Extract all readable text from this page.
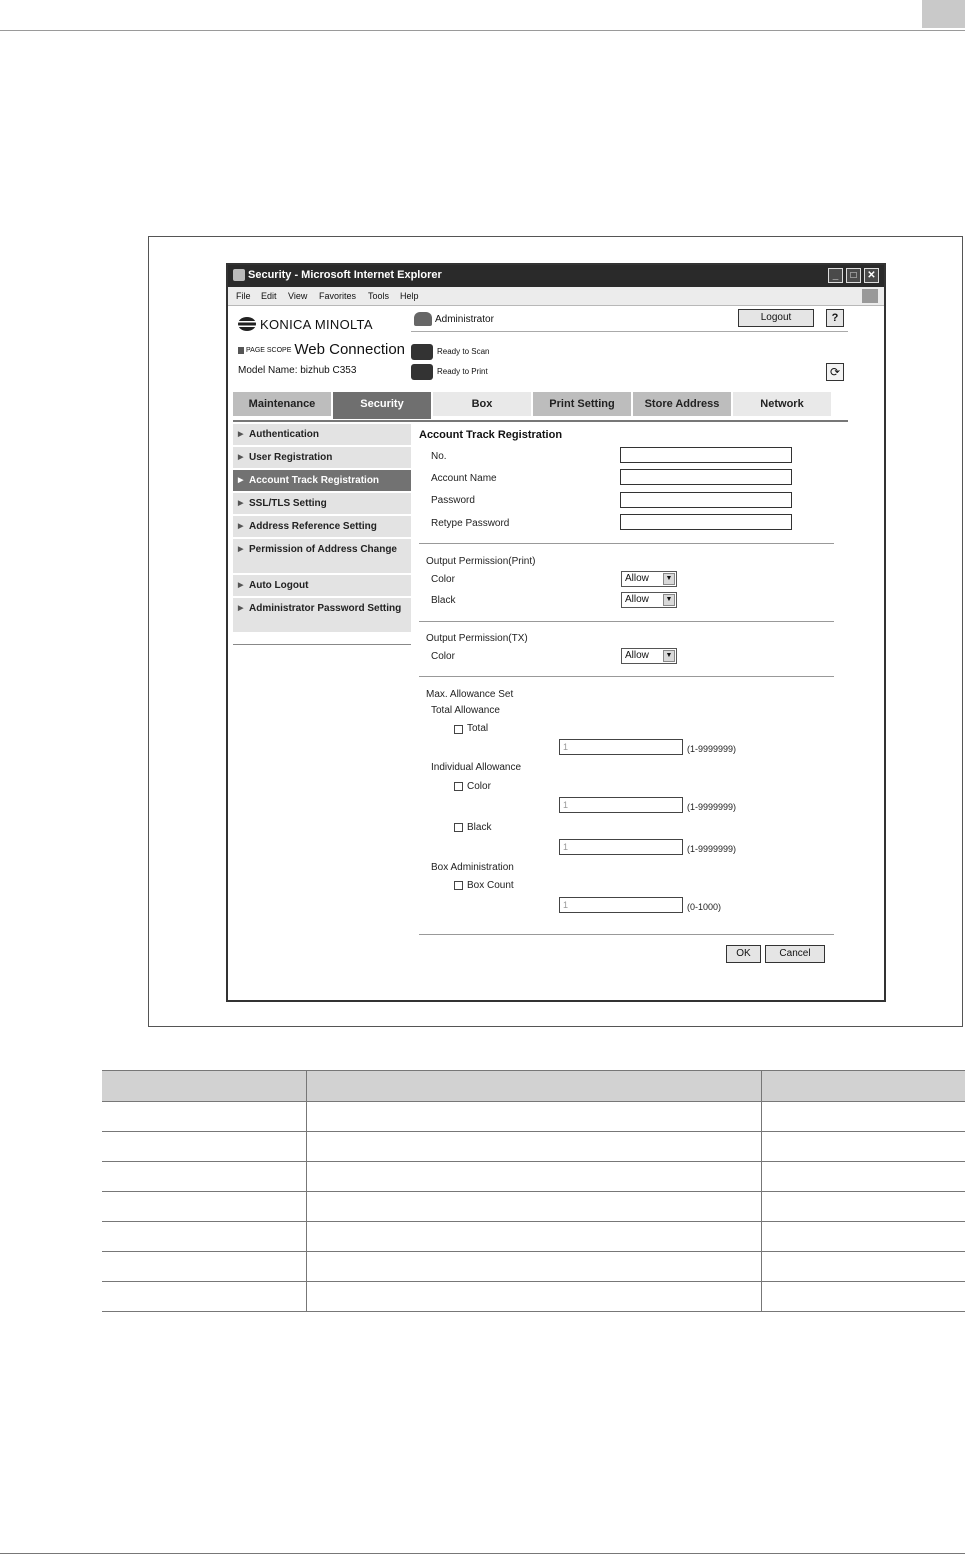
Security - Microsoft Internet Explorer	_	□	✕
File Edit View Favorites Tools Help
KONICA MINOLTA
PAGE SCOPE Web Connection
Model Name: bizhub C353
Administrator	Logout	?
Ready to Scan
Ready to Print	⟳
Maintenance	Security	Box	Print Setting	Store Address	Network
▶ Authentication
▶ User Registration
▶ Account Track Registration
▶ SSL/TLS Setting
▶ Address Reference Setting
▶ Permission of Address Change
▶ Auto Logout
▶ Administrator Password Setting
Account Track Registration
No.
Account Name
Password
Retype Password
Output Permission(Print)
Color	Allow	▼
Black	Allow	▼
Output Permission(TX)
Color	Allow	▼
Max. Allowance Set
Total Allowance
Total
1
(1-9999999)
Individual Allowance
Color
1
(1-9999999)
Black
1
(1-9999999)
Box Administration
Box Count
1
(0-1000)
OK	Cancel
